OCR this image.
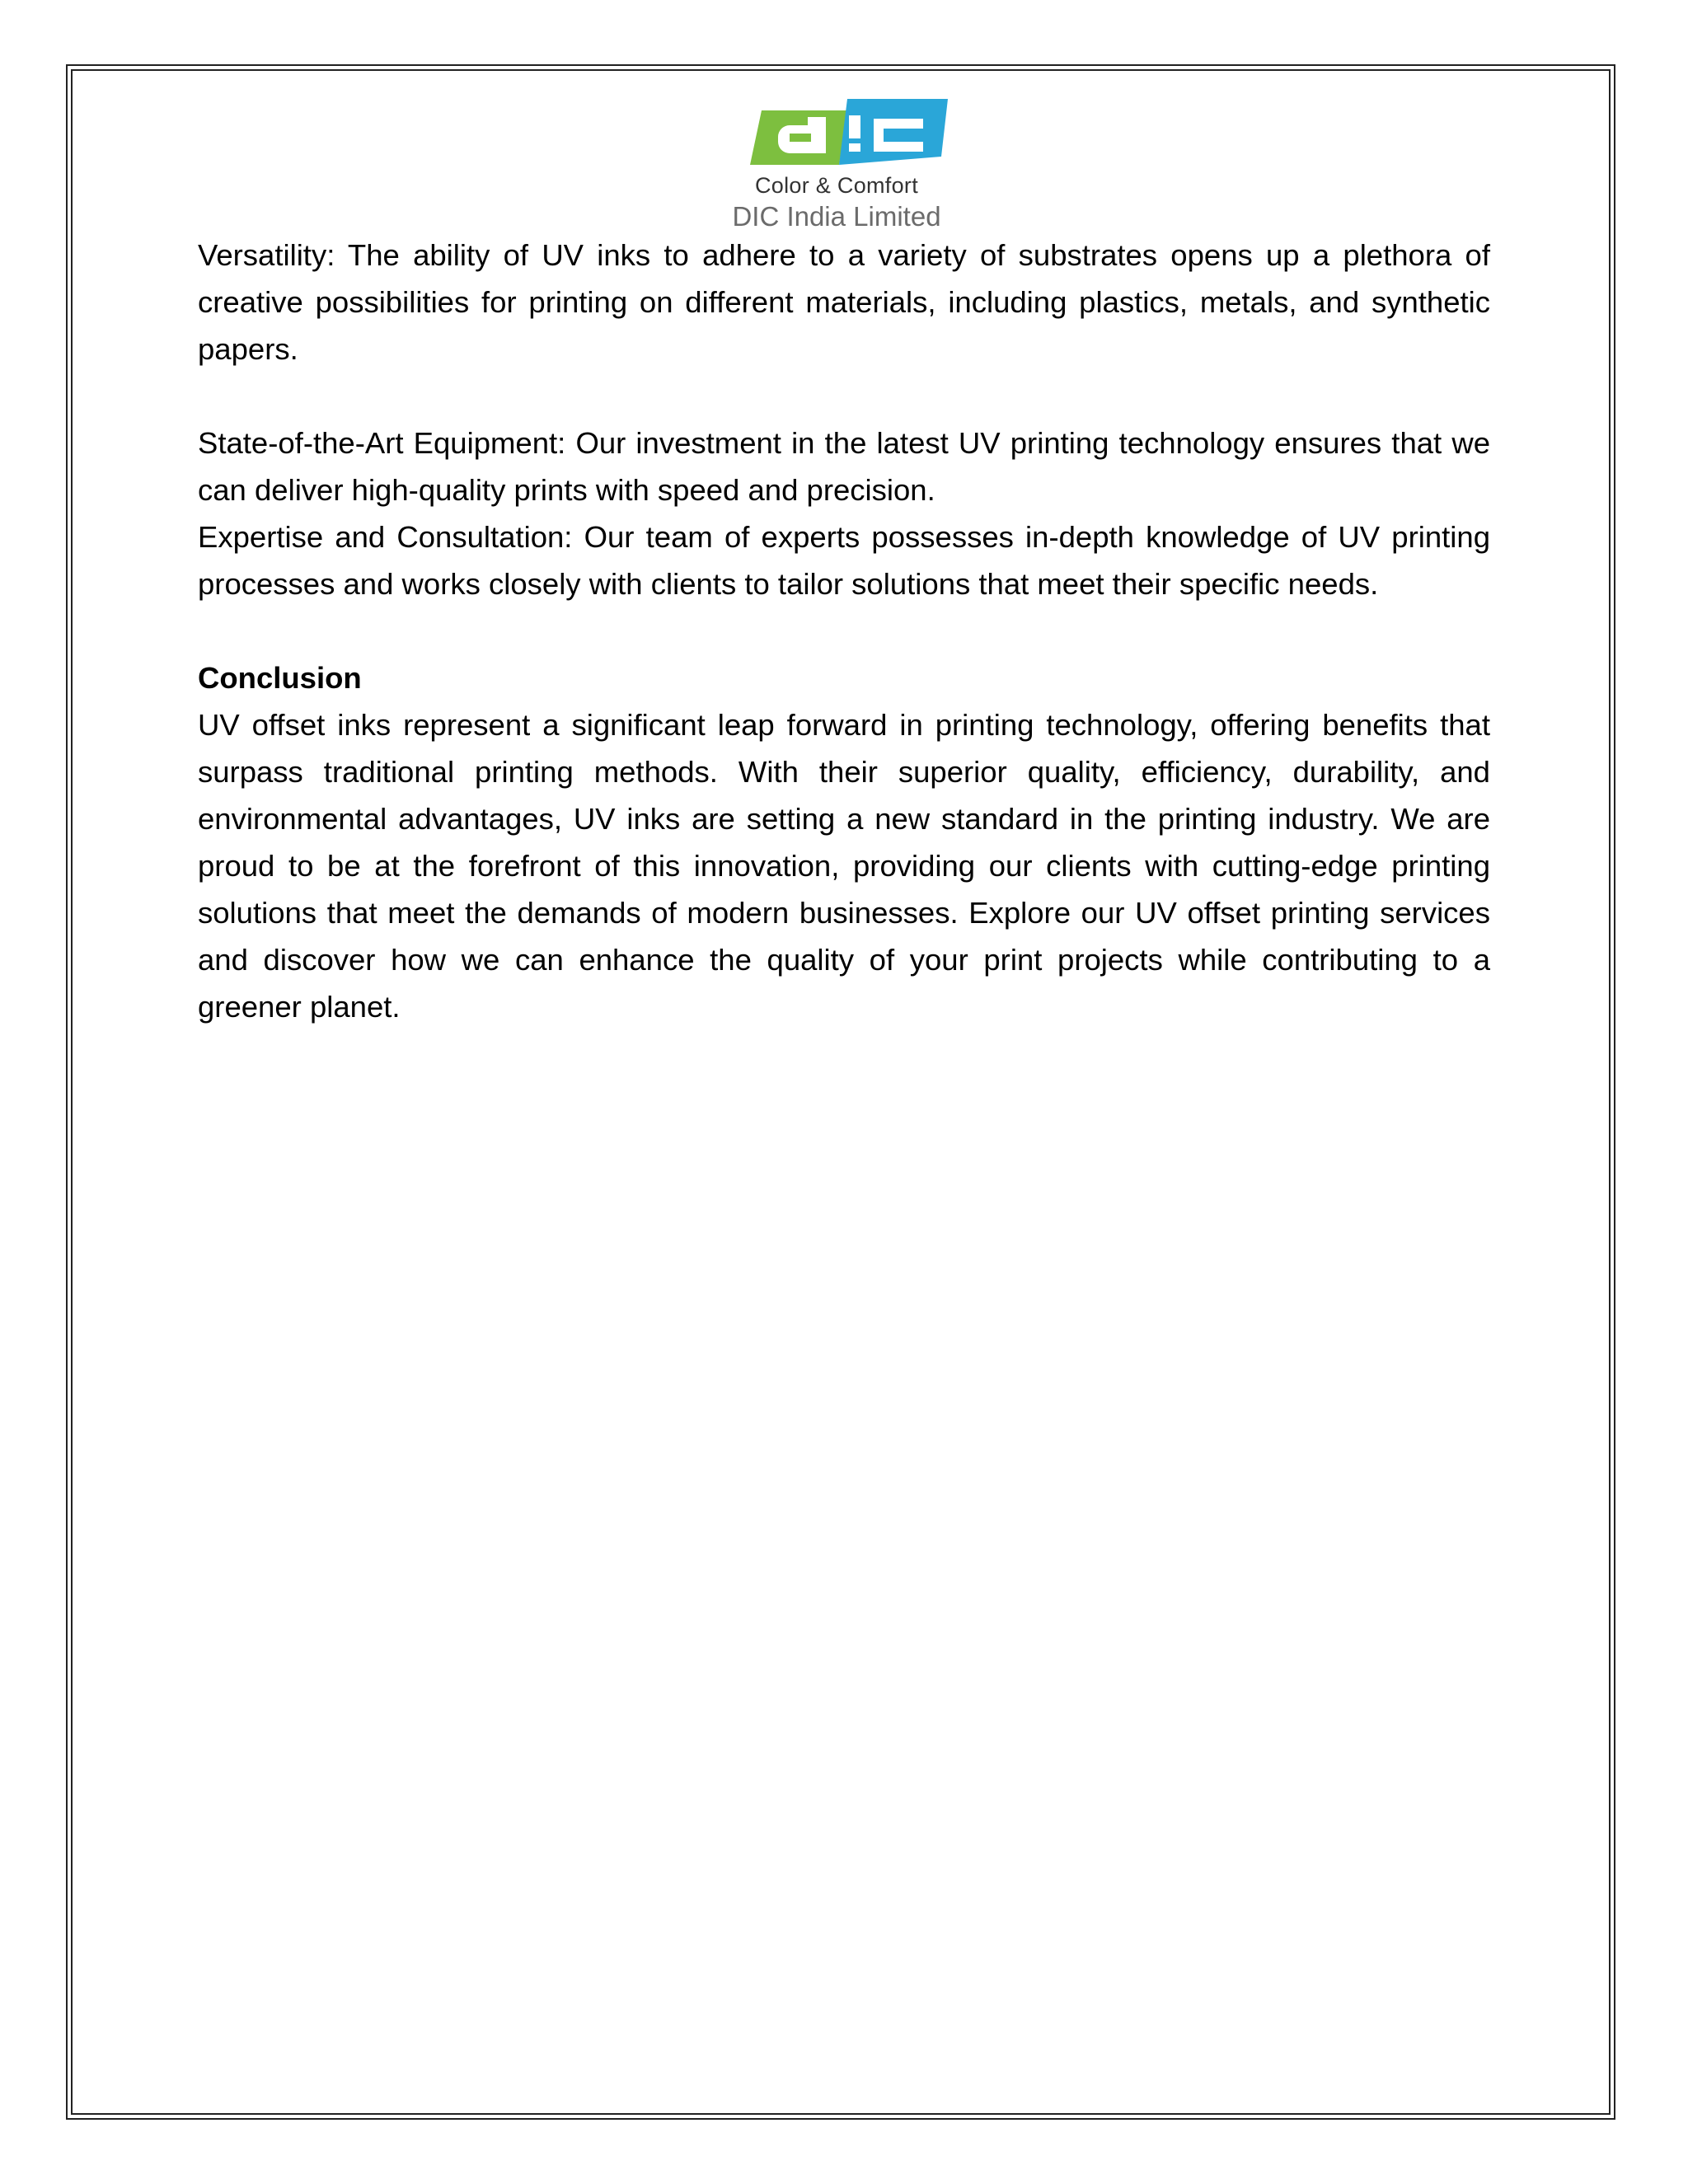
Color & Comfort
DIC India Limited

Versatility: The ability of UV inks to adhere to a variety of substrates opens up a plethora of creative possibilities for printing on different materials, including plastics, metals, and synthetic papers.

State-of-the-Art Equipment: Our investment in the latest UV printing technology ensures that we can deliver high-quality prints with speed and precision.

Expertise and Consultation: Our team of experts possesses in-depth knowledge of UV printing processes and works closely with clients to tailor solutions that meet their specific needs.

Conclusion

UV offset inks represent a significant leap forward in printing technology, offering benefits that surpass traditional printing methods. With their superior quality, efficiency, durability, and environmental advantages, UV inks are setting a new standard in the printing industry. We are proud to be at the forefront of this innovation, providing our clients with cutting-edge printing solutions that meet the demands of modern businesses. Explore our UV offset printing services and discover how we can enhance the quality of your print projects while contributing to a greener planet.
